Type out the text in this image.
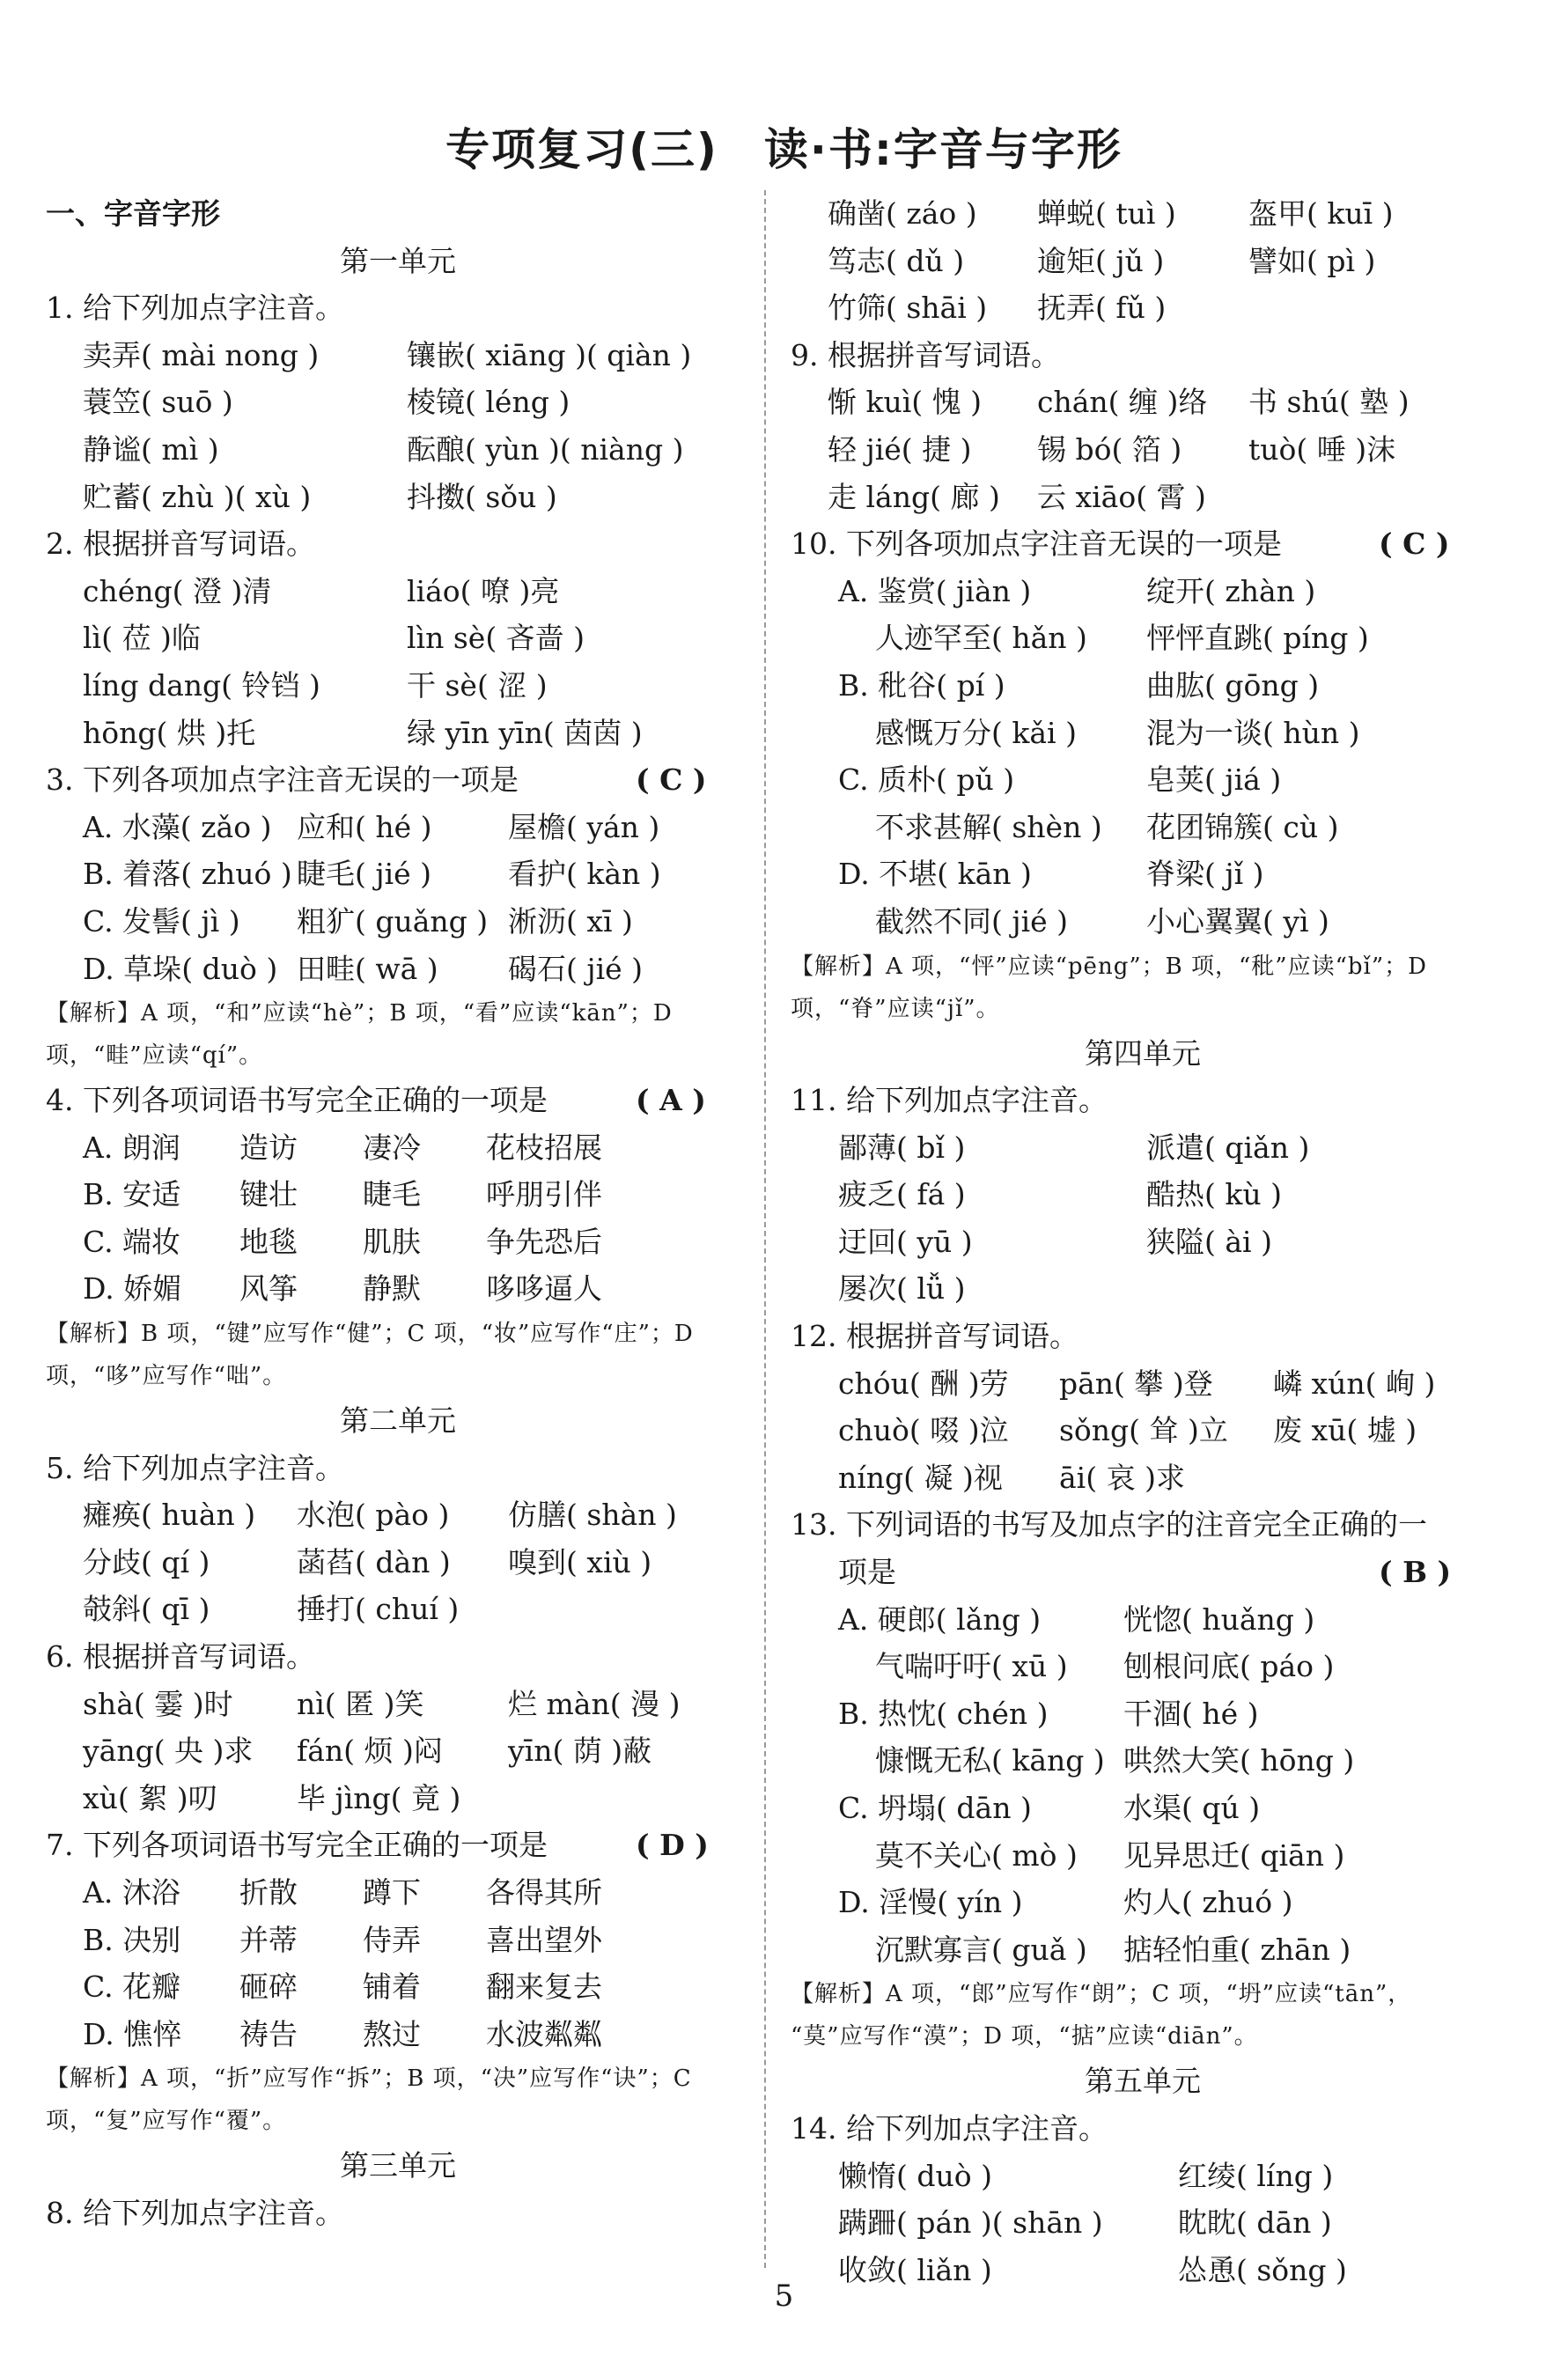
专项复习(三)　读·书:字音与字形
一、字音字形
第一单元
1. 给下列加点字注音。
卖弄( mài nong )	镶嵌( xiāng )( qiàn )
蓑笠( suō )	棱镜( léng )
静谧( mì )	酝酿( yùn )( niàng )
贮蓄( zhù )( xù )	抖擞( sǒu )
2. 根据拼音写词语。
chéng( 澄 )清	liáo( 嘹 )亮
lì( 莅 )临	lìn sè( 吝啬 )
líng dang( 铃铛 )	干 sè( 涩 )
hōng( 烘 )托	绿 yīn yīn( 茵茵 )
3. 下列各项加点字注音无误的一项是	( C )
A. 水藻( zǎo ) 应和( hé )	屋檐( yán )
B. 着落( zhuó ) 睫毛( jié )	看护( kàn )
C. 发髻( jì ) 粗犷( guǎng ) 淅沥( xī )
D. 草垛( duò ) 田畦( wā ) 碣石( jié )
【解析】A 项，“和”应读“hè”；B 项，“看”应读“kān”；D
项，“畦”应读“qí”。
4. 下列各项词语书写完全正确的一项是	( A )
A. 朗润 造访 凄冷 花枝招展
B. 安适 键壮 睫毛 呼朋引伴
C. 端妆 地毯 肌肤 争先恐后
D. 娇媚 风筝 静默 哆哆逼人
【解析】B 项，“键”应写作“健”；C 项，“妆”应写作“庄”；D
项，“哆”应写作“咄”。
第二单元
5. 给下列加点字注音。
瘫痪( huàn ) 水泡( pào ) 仿膳( shàn )
分歧( qí )	菡萏( dàn ) 嗅到( xiù )
攲斜( qī )	捶打( chuí )
6. 根据拼音写词语。
shà( 霎 )时 nì( 匿 )笑	烂 màn( 漫 )
yāng( 央 )求 fán( 烦 )闷 yīn( 荫 )蔽
xù( 絮 )叨	毕 jìng( 竟 )
7. 下列各项词语书写完全正确的一项是	( D )
A. 沐浴 折散 蹲下 各得其所
B. 决别 并蒂 侍弄 喜出望外
C. 花瓣 砸碎 铺着 翻来复去
D. 憔悴 祷告 熬过 水波粼粼
【解析】A 项，“折”应写作“拆”；B 项，“决”应写作“诀”；C
项，“复”应写作“覆”。
第三单元
8. 给下列加点字注音。
确凿( záo ) 蝉蜕( tuì ) 盔甲( kuī )
笃志( dǔ )	逾矩( jǔ )	譬如( pì )
竹筛( shāi ) 抚弄( fǔ )
9. 根据拼音写词语。
惭 kuì( 愧 ) chán( 缠 )络 书 shú( 塾 )
轻 jié( 捷 ) 锡 bó( 箔 ) tuò( 唾 )沫
走 láng( 廊 ) 云 xiāo( 霄 )
10. 下列各项加点字注音无误的一项是	( C )
A. 鉴赏( jiàn )	绽开( zhàn )
人迹罕至( hǎn ) 怦怦直跳( píng )
B. 秕谷( pí )	曲肱( gōng )
感慨万分( kǎi ) 混为一谈( hùn )
C. 质朴( pǔ )	皂荚( jiá )
不求甚解( shèn ) 花团锦簇( cù )
D. 不堪( kān )	脊梁( jǐ )
截然不同( jié )	小心翼翼( yì )
【解析】A 项，“怦”应读“pēng”；B 项，“秕”应读“bǐ”；D
项，“脊”应读“jǐ”。
第四单元
11. 给下列加点字注音。
鄙薄( bǐ )	派遣( qiǎn )
疲乏( fá )	酷热( kù )
迂回( yū )	狭隘( ài )
屡次( lǚ )
12. 根据拼音写词语。
chóu( 酬 )劳 pān( 攀 )登 嶙 xún( 峋 )
chuò( 啜 )泣 sǒng( 耸 )立 废 xū( 墟 )
níng( 凝 )视 āi( 哀 )求
13. 下列词语的书写及加点字的注音完全正确的一
项是	( B )
A. 硬郎( lǎng )	恍惚( huǎng )
气喘吁吁( xū ) 刨根问底( páo )
B. 热忱( chén )	干涸( hé )
慷慨无私( kāng ) 哄然大笑( hōng )
C. 坍塌( dān )	水渠( qú )
莫不关心( mò ) 见异思迁( qiān )
D. 淫慢( yín )	灼人( zhuó )
沉默寡言( guǎ ) 掂轻怕重( zhān )
【解析】A 项，“郎”应写作“朗”；C 项，“坍”应读“tān”，
“莫”应写作“漠”；D 项，“掂”应读“diān”。
第五单元
14. 给下列加点字注音。
懒惰( duò )	红绫( líng )
蹒跚( pán )( shān )	眈眈( dān )
收敛( liǎn )	怂恿( sǒng )
5
